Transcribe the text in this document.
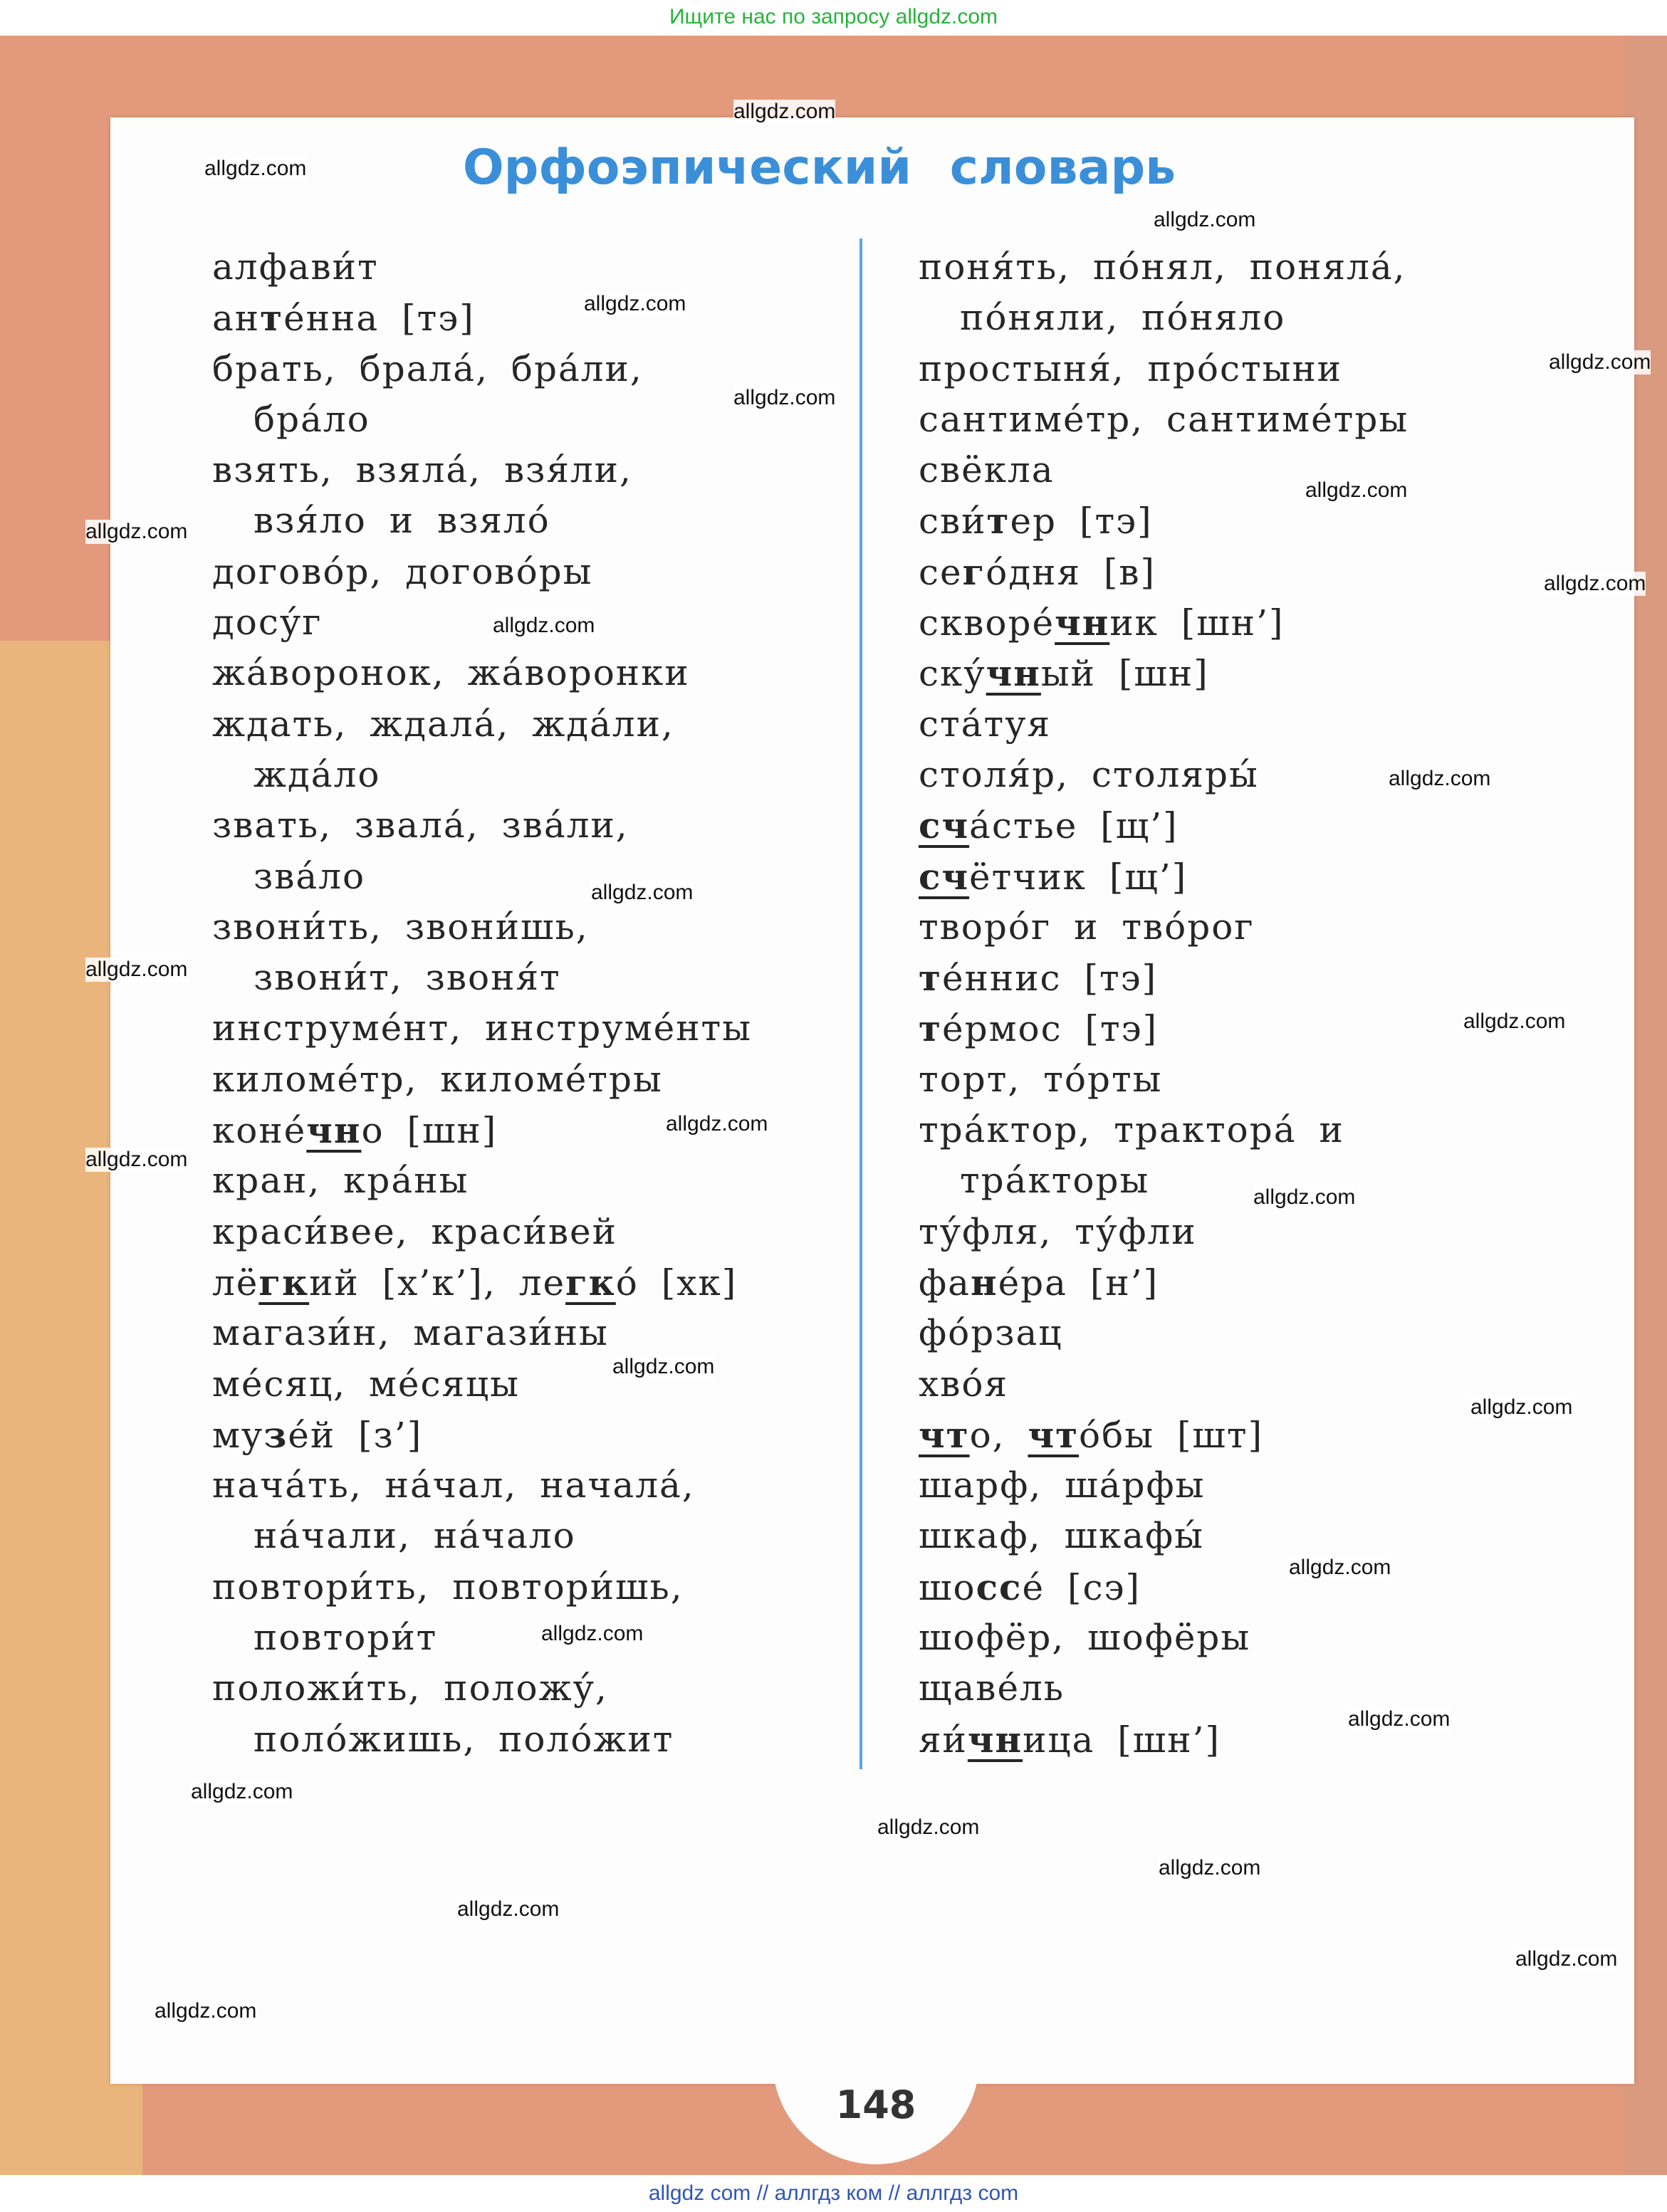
Ищите нас по запросу allgdz.com
148
Орфоэпический словарь
алфави́т
анте́нна [тэ]
брать, брала́, бра́ли,
бра́ло
взять, взяла́, взя́ли,
взя́ло и взяло́
догово́р, догово́ры
досу́г
жа́воронок, жа́воронки
ждать, ждала́, жда́ли,
жда́ло
звать, звала́, зва́ли,
зва́ло
звони́ть, звони́шь,
звони́т, звоня́т
инструме́нт, инструме́нты
киломе́тр, киломе́тры
коне́чно [шн]
кран, кра́ны
краси́вее, краси́вей
лёгкий [х’к’], легко́ [хк]
магази́н, магази́ны
ме́сяц, ме́сяцы
музе́й [з’]
нача́ть, на́чал, начала́,
на́чали, на́чало
повтори́ть, повтори́шь,
повтори́т
положи́ть, положу́,
поло́жишь, поло́жит
поня́ть, по́нял, поняла́,
по́няли, по́няло
простыня́, про́стыни
сантиме́тр, сантиме́тры
свёкла
сви́тер [тэ]
сего́дня [в]
скворе́чник [шн’]
ску́чный [шн]
ста́туя
столя́р, столяры́
сча́стье [щ’]
счётчик [щ’]
творо́г и тво́рог
те́ннис [тэ]
те́рмос [тэ]
торт, то́рты
тра́ктор, трактора́ и
тра́кторы
ту́фля, ту́фли
фане́ра [н’]
фо́рзац
хво́я
что, что́бы [шт]
шарф, ша́рфы
шкаф, шкафы́
шоссе́ [сэ]
шофёр, шофёры
щаве́ль
яи́чница [шн’]
allgdz.com
allgdz.com
allgdz.com
allgdz.com
allgdz.com
allgdz.com
allgdz.com
allgdz.com
allgdz.com
allgdz.com
allgdz.com
allgdz.com
allgdz.com
allgdz.com
allgdz.com
allgdz.com
allgdz.com
allgdz.com
allgdz.com
allgdz.com
allgdz.com
allgdz.com
allgdz.com
allgdz.com
allgdz.com
allgdz.com
allgdz.com
allgdz.com
allgdz com // аллгдз ком // аллгдз com
